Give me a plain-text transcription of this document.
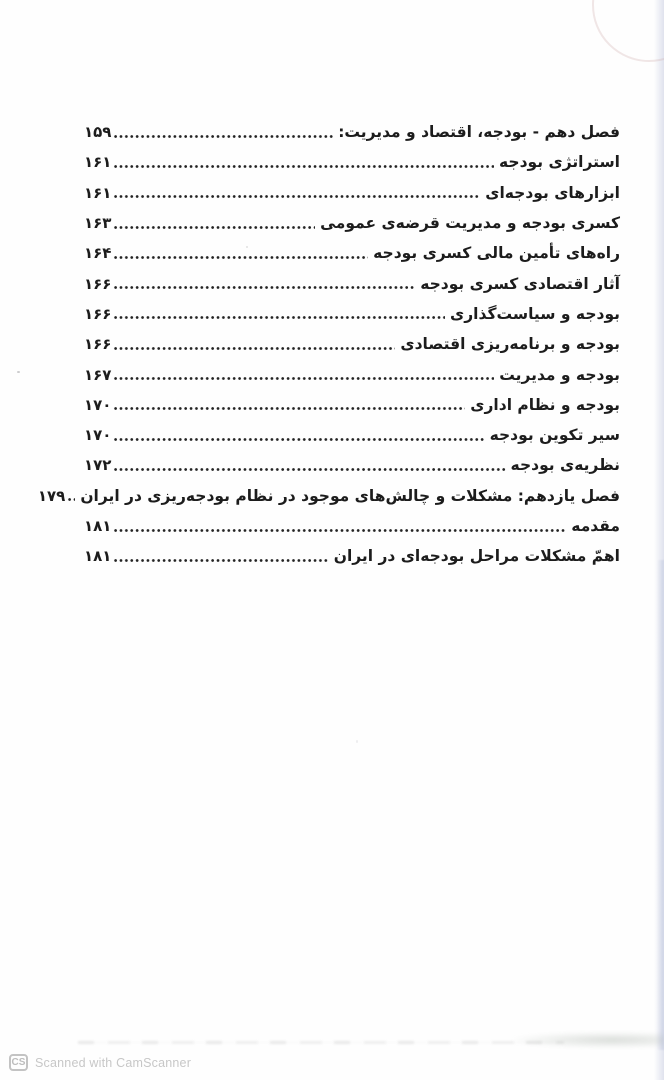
فصل دهم - بودجه، اقتصاد و مدیریت:
۱۵۹
استراتژی بودجه
۱۶۱
ابزارهای بودجه‌ای
۱۶۱
کسری بودجه و مدیریت قرضه‌ی عمومی
۱۶۳
راه‌های تأمین مالی کسری بودجه
۱۶۴
آثار اقتصادی کسری بودجه
۱۶۶
بودجه و سیاست‌گذاری
۱۶۶
بودجه و برنامه‌ریزی اقتصادی
۱۶۶
بودجه و مدیریت
۱۶۷
بودجه و نظام اداری
۱۷۰
سیر تکوین بودجه
۱۷۰
نظریه‌ی بودجه
۱۷۲
فصل یازدهم: مشکلات و چالش‌های موجود در نظام بودجه‌ریزی در ایران
۱۷۹
مقدمه
۱۸۱
اهمّ مشکلات مراحل بودجه‌ای در ایران
۱۸۱
CS Scanned with CamScanner
